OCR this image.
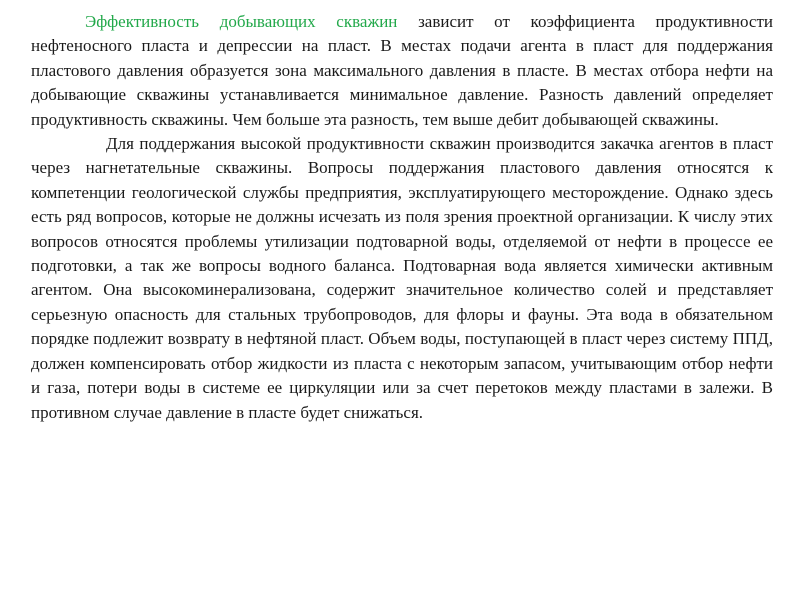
Эффективность добывающих скважин зависит от коэффициента продуктивности нефтеносного пласта и депрессии на пласт. В местах подачи агента в пласт для поддержания пластового давления образуется зона максимального давления в пласте. В местах отбора нефти на добывающие скважины устанавливается минимальное давление. Разность давлений определяет продуктивность скважины. Чем больше эта разность, тем выше дебит добывающей скважины.

Для поддержания высокой продуктивности скважин производится закачка агентов в пласт через нагнетательные скважины. Вопросы поддержания пластового давления относятся к компетенции геологической службы предприятия, эксплуатирующего месторождение. Однако здесь есть ряд вопросов, которые не должны исчезать из поля зрения проектной организации. К числу этих вопросов относятся проблемы утилизации подтоварной воды, отделяемой от нефти в процессе ее подготовки, а так же вопросы водного баланса. Подтоварная вода является химически активным агентом. Она высокоминерализована, содержит значительное количество солей и представляет серьезную опасность для стальных трубопроводов, для флоры и фауны. Эта вода в обязательном порядке подлежит возврату в нефтяной пласт. Объем воды, поступающей в пласт через систему ППД, должен компенсировать отбор жидкости из пласта с некоторым запасом, учитывающим отбор нефти и газа, потери воды в системе ее циркуляции или за счет перетоков между пластами в залежи. В противном случае давление в пласте будет снижаться.
